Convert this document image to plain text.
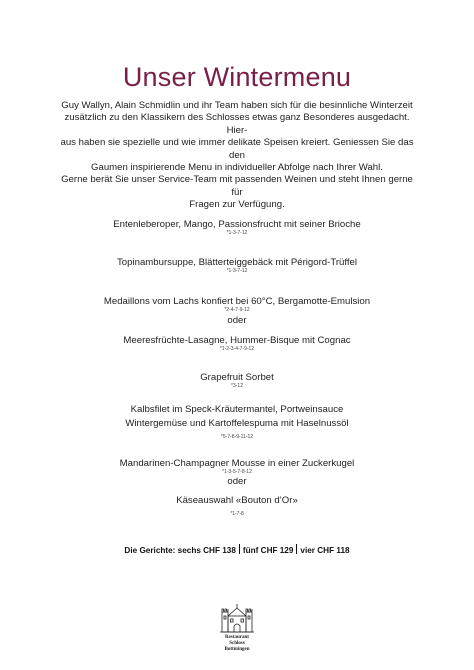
Unser Wintermenu

Guy Wallyn, Alain Schmidlin und ihr Team haben sich für die besinnliche Winterzeit

zusätzlich zu den Klassikern des Schlosses etwas ganz Besonderes ausgedacht. Hier-

aus haben sie spezielle und wie immer delikate Speisen kreiert. Geniessen Sie das den

Gaumen inspirierende Menu in individueller Abfolge nach Ihrer Wahl.

Gerne berät Sie unser Service-Team mit passenden Weinen und steht Ihnen gerne für

Fragen zur Verfügung.

Entenleberoper, Mango, Passionsfrucht mit seiner Brioche
*1-3-7-12
Topinambursuppe, Blätterteiggebäck mit Périgord-Trüffel
*1-3-7-12
Medaillons vom Lachs konfiert bei 60°C, Bergamotte-Emulsion
*2-4-7-9-12
oder
Meeresfrüchte-Lasagne, Hummer-Bisque mit Cognac
*1-2-3-4-7-9-12
Grapefruit Sorbet
*3-12
Kalbsfilet im Speck-Kräutermantel, Portweinsauce
Wintergemüse und Kartoffelespuma mit Haselnussöl
*5-7-8-9-11-12
Mandarinen-Champagner Mousse in einer Zuckerkugel
*1-3-5-7-8-12
oder
Käseauswahl «Bouton d’Or»
*1-7-8
Die Gerichte: sechs CHF 138 fünf CHF 129 vier CHF 118
Restaurant
Schloss
Bottmingen
